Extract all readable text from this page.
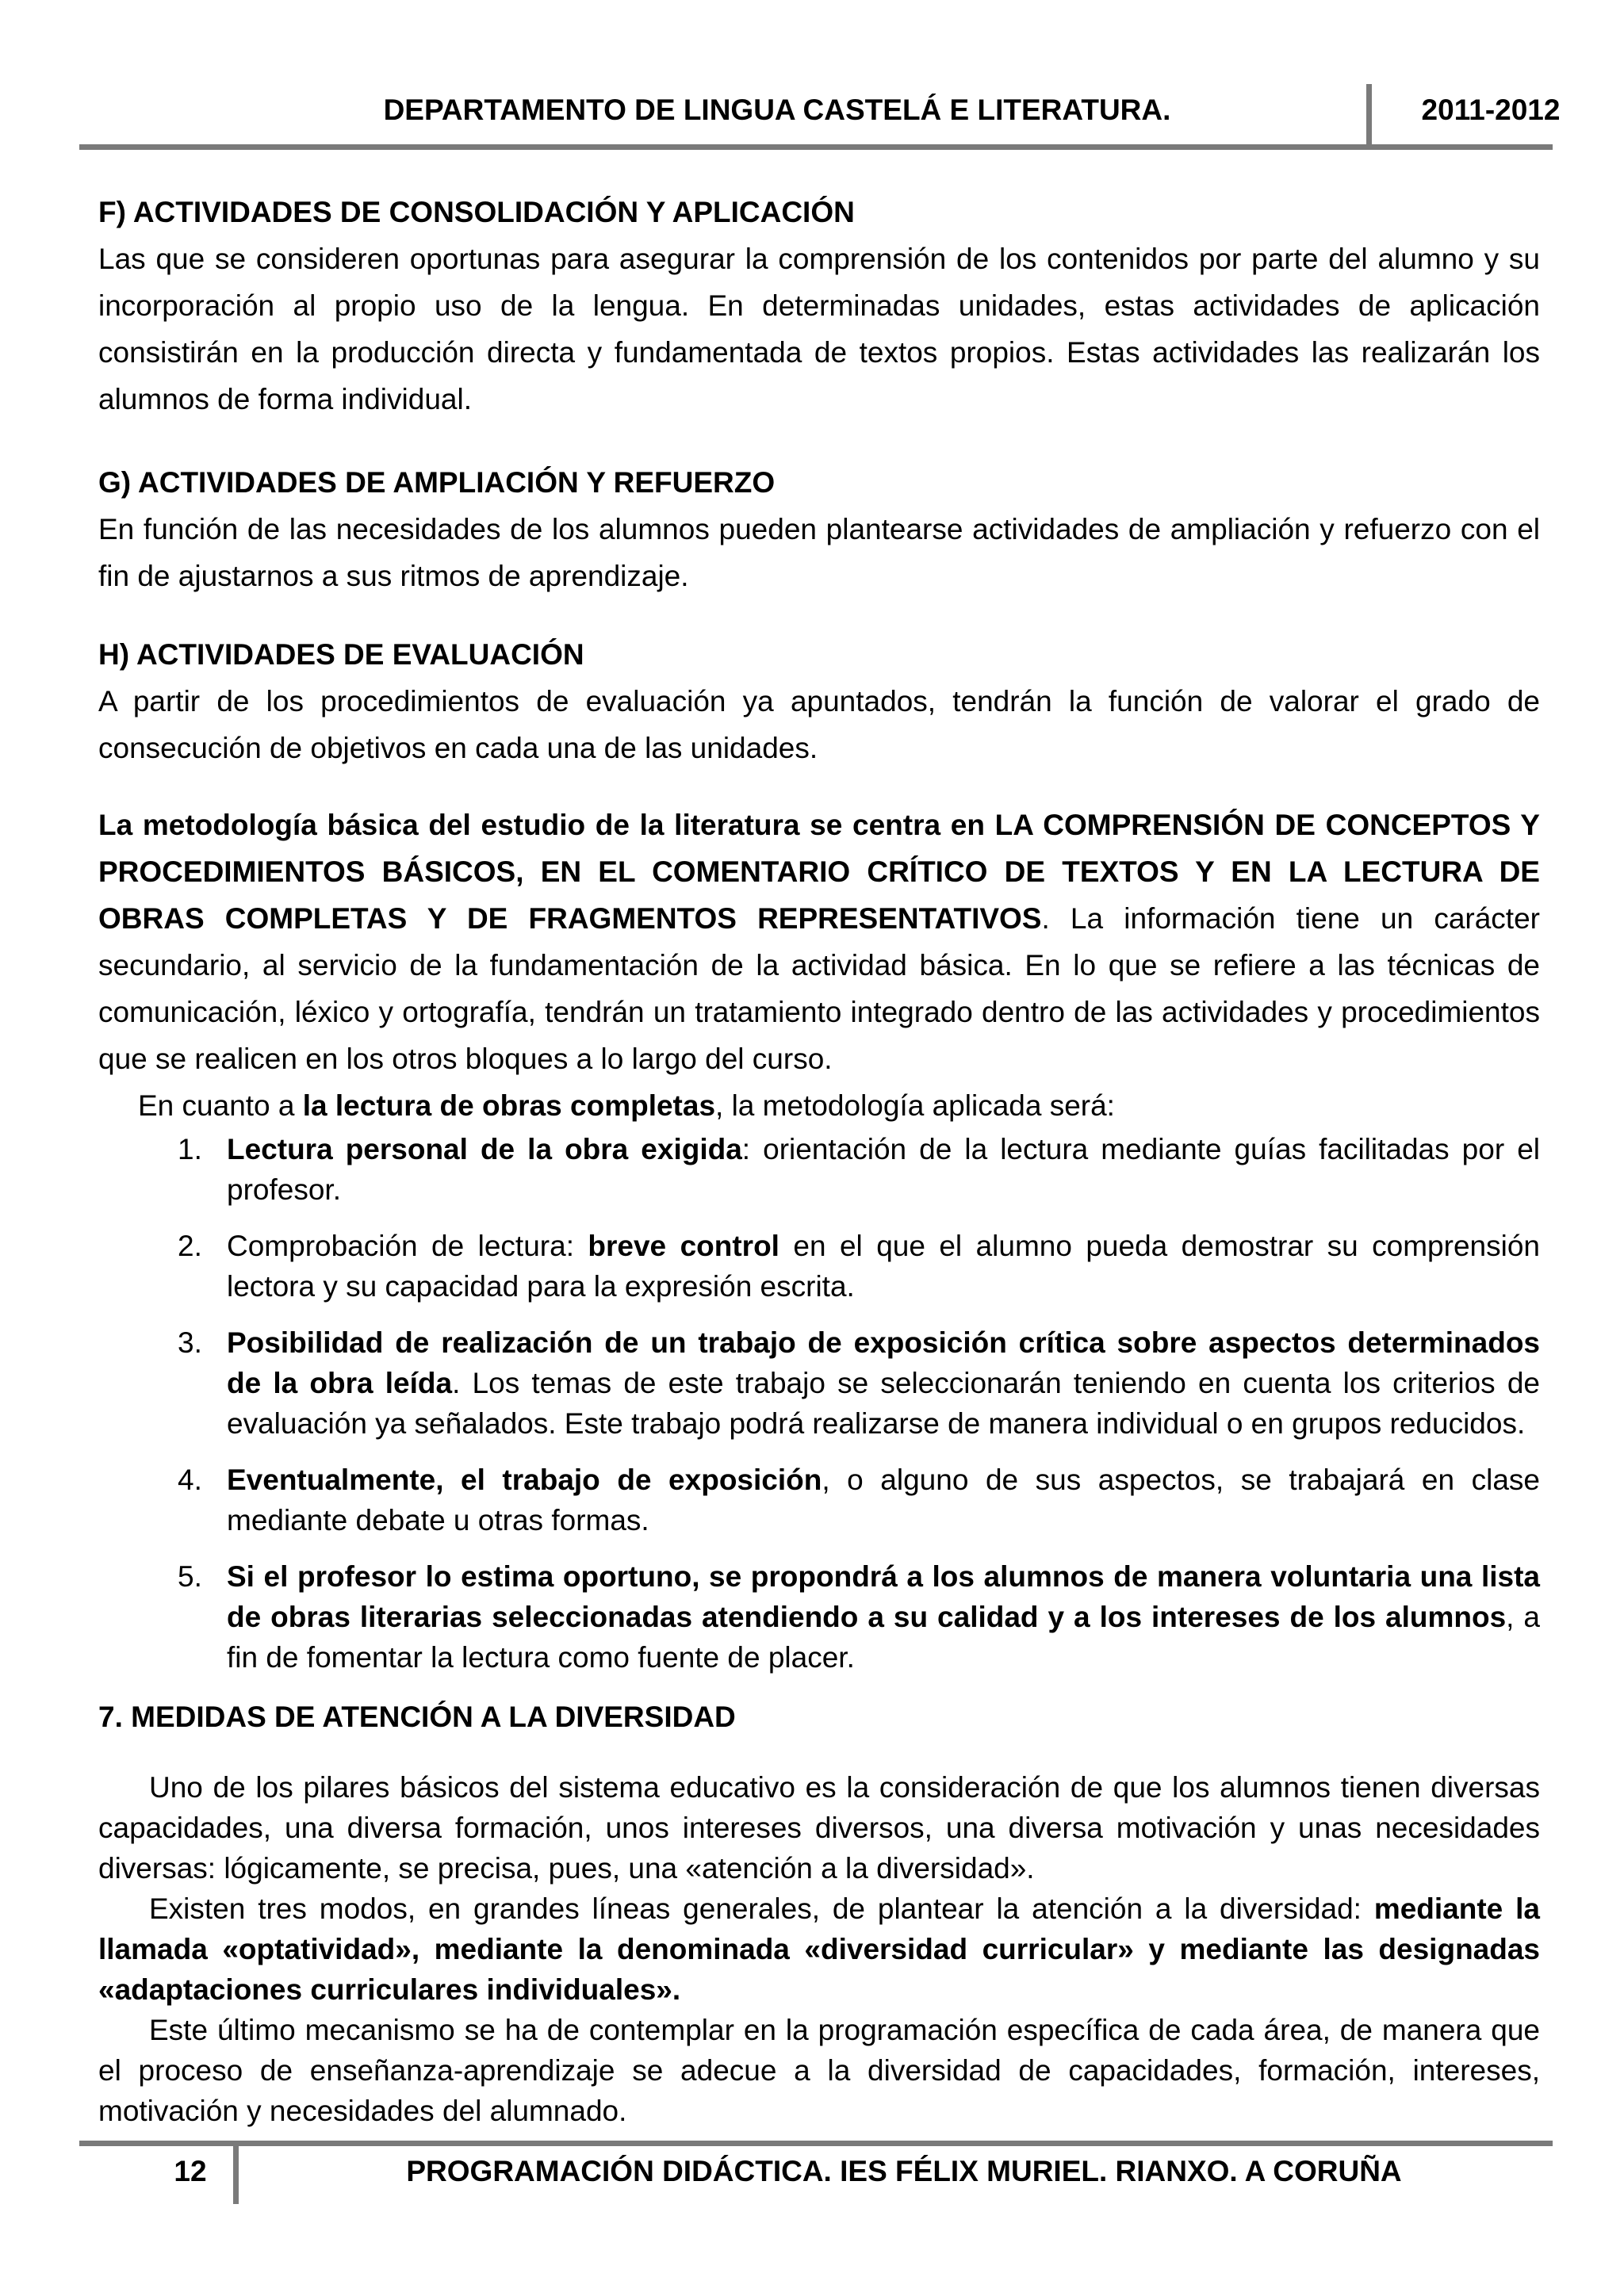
DEPARTAMENTO DE LINGUA CASTELÁ E LITERATURA.	2011-2012

F) ACTIVIDADES DE CONSOLIDACIÓN Y APLICACIÓN

Las que se consideren oportunas para asegurar la comprensión de los contenidos por parte del alumno y su incorporación al propio uso de la lengua. En determinadas unidades, estas actividades de aplicación consistirán en la producción directa y fundamentada de textos propios. Estas actividades las realizarán los alumnos de forma individual.

G) ACTIVIDADES DE AMPLIACIÓN Y REFUERZO

En función de las necesidades de los alumnos pueden plantearse actividades de ampliación y refuerzo con el fin de ajustarnos a sus ritmos de aprendizaje.

H) ACTIVIDADES DE EVALUACIÓN

A partir de los procedimientos de evaluación ya apuntados, tendrán la función de valorar el grado de consecución de objetivos en cada una de las unidades.

La metodología básica del estudio de la literatura se centra en LA COMPRENSIÓN DE CONCEPTOS Y PROCEDIMIENTOS BÁSICOS, EN EL COMENTARIO CRÍTICO DE TEXTOS Y EN LA LECTURA DE OBRAS COMPLETAS Y DE FRAGMENTOS REPRESENTATIVOS. La información tiene un carácter secundario, al servicio de la fundamentación de la actividad básica. En lo que se refiere a las técnicas de comunicación, léxico y ortografía, tendrán un tratamiento integrado dentro de las actividades y procedimientos que se realicen en los otros bloques a lo largo del curso.

En cuanto a la lectura de obras completas, la metodología aplicada será:

1. Lectura personal de la obra exigida: orientación de la lectura mediante guías facilitadas por el profesor.
2. Comprobación de lectura: breve control en el que el alumno pueda demostrar su comprensión lectora y su capacidad para la expresión escrita.
3. Posibilidad de realización de un trabajo de exposición crítica sobre aspectos determinados de la obra leída. Los temas de este trabajo se seleccionarán teniendo en cuenta los criterios de evaluación ya señalados. Este trabajo podrá realizarse de manera individual o en grupos reducidos.
4. Eventualmente, el trabajo de exposición, o alguno de sus aspectos, se trabajará en clase mediante debate u otras formas.
5. Si el profesor lo estima oportuno, se propondrá a los alumnos de manera voluntaria una lista de obras literarias seleccionadas atendiendo a su calidad y a los intereses de los alumnos, a fin de fomentar la lectura como fuente de placer.

7. MEDIDAS DE ATENCIÓN A LA DIVERSIDAD

Uno de los pilares básicos del sistema educativo es la consideración de que los alumnos tienen diversas capacidades, una diversa formación, unos intereses diversos, una diversa motivación y unas necesidades diversas: lógicamente, se precisa, pues, una «atención a la diversidad».

Existen tres modos, en grandes líneas generales, de plantear la atención a la diversidad: mediante la llamada «optatividad», mediante la denominada «diversidad curricular» y mediante las designadas «adaptaciones curriculares individuales».

Este último mecanismo se ha de contemplar en la programación específica de cada área, de manera que el proceso de enseñanza-aprendizaje se adecue a la diversidad de capacidades, formación, intereses, motivación y necesidades del alumnado.

12	PROGRAMACIÓN DIDÁCTICA. IES FÉLIX MURIEL. RIANXO. A CORUÑA
